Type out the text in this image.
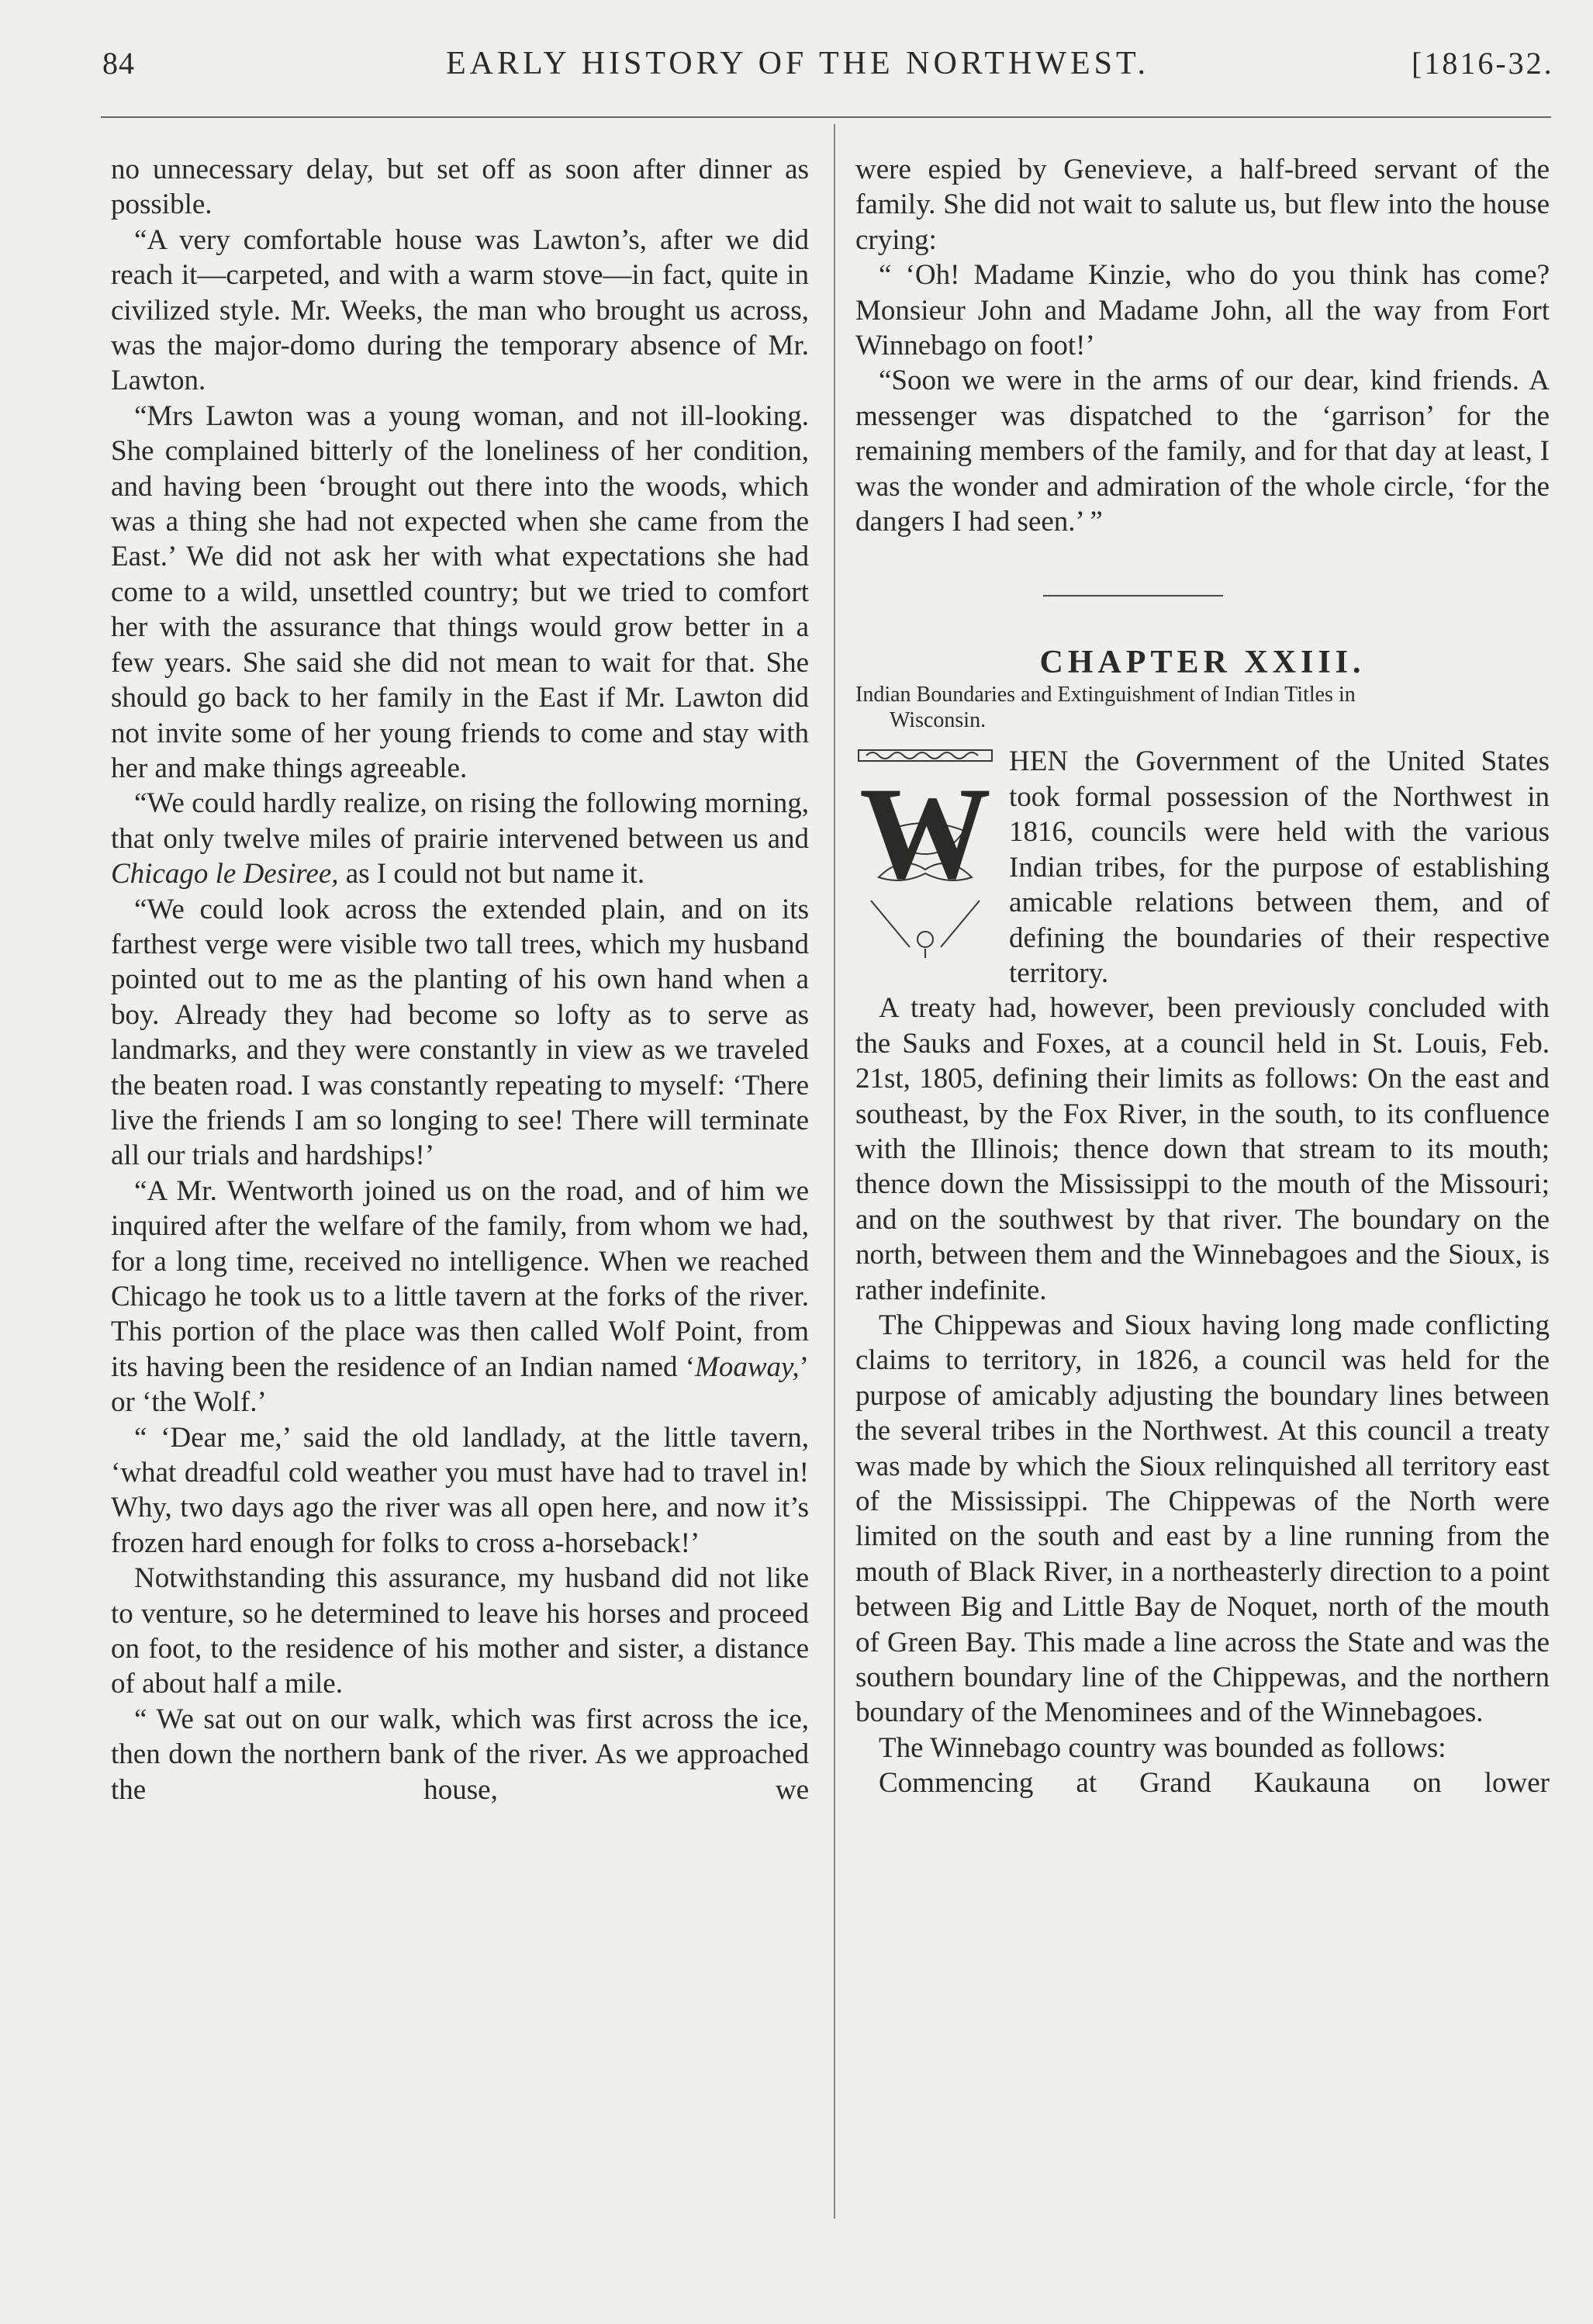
84	EARLY HISTORY OF THE NORTHWEST.	[1816-32.

no unnecessary delay, but set off as soon after dinner as possible.

“A very comfortable house was Lawton’s, after we did reach it—carpeted, and with a warm stove—in fact, quite in civilized style. Mr. Weeks, the man who brought us across, was the major-domo during the temporary absence of Mr. Lawton.

“Mrs Lawton was a young woman, and not ill-looking. She complained bitterly of the loneliness of her condition, and having been ‘brought out there into the woods, which was a thing she had not expected when she came from the East.’ We did not ask her with what expectations she had come to a wild, unsettled country; but we tried to comfort her with the assurance that things would grow better in a few years. She said she did not mean to wait for that. She should go back to her family in the East if Mr. Lawton did not invite some of her young friends to come and stay with her and make things agreeable.

“We could hardly realize, on rising the following morning, that only twelve miles of prairie intervened between us and Chicago le Desiree, as I could not but name it.

“We could look across the extended plain, and on its farthest verge were visible two tall trees, which my husband pointed out to me as the planting of his own hand when a boy. Already they had become so lofty as to serve as landmarks, and they were constantly in view as we traveled the beaten road. I was constantly repeating to myself: ‘There live the friends I am so longing to see! There will terminate all our trials and hardships!’

“A Mr. Wentworth joined us on the road, and of him we inquired after the welfare of the family, from whom we had, for a long time, received no intelligence. When we reached Chicago he took us to a little tavern at the forks of the river. This portion of the place was then called Wolf Point, from its having been the residence of an Indian named ‘Moaway,’ or ‘the Wolf.’

“ ‘Dear me,’ said the old landlady, at the little tavern, ‘what dreadful cold weather you must have had to travel in! Why, two days ago the river was all open here, and now it’s frozen hard enough for folks to cross a-horseback!’

Notwithstanding this assurance, my husband did not like to venture, so he determined to leave his horses and proceed on foot, to the residence of his mother and sister, a distance of about half a mile.

“ We sat out on our walk, which was first across the ice, then down the northern bank of the river. As we approached the house, we

were espied by Genevieve, a half-breed servant of the family. She did not wait to salute us, but flew into the house crying:

“ ‘Oh! Madame Kinzie, who do you think has come? Monsieur John and Madame John, all the way from Fort Winnebago on foot!’

“Soon we were in the arms of our dear, kind friends. A messenger was dispatched to the ‘garrison’ for the remaining members of the family, and for that day at least, I was the wonder and admiration of the whole circle, ‘for the dangers I had seen.’ ”

CHAPTER XXIII.

Indian Boundaries and Extinguishment of Indian Titles in
Wisconsin.

W HEN the Government of the United States took formal possession of the Northwest in 1816, councils were held with the various Indian tribes, for the purpose of establishing amicable relations between them, and of defining the boundaries of their respective territory.

A treaty had, however, been previously concluded with the Sauks and Foxes, at a council held in St. Louis, Feb. 21st, 1805, defining their limits as follows: On the east and southeast, by the Fox River, in the south, to its confluence with the Illinois; thence down that stream to its mouth; thence down the Mississippi to the mouth of the Missouri; and on the southwest by that river. The boundary on the north, between them and the Winnebagoes and the Sioux, is rather indefinite.

The Chippewas and Sioux having long made conflicting claims to territory, in 1826, a council was held for the purpose of amicably adjusting the boundary lines between the several tribes in the Northwest. At this council a treaty was made by which the Sioux relinquished all territory east of the Mississippi. The Chippewas of the North were limited on the south and east by a line running from the mouth of Black River, in a northeasterly direction to a point between Big and Little Bay de Noquet, north of the mouth of Green Bay. This made a line across the State and was the southern boundary line of the Chippewas, and the northern boundary of the Menominees and of the Winnebagoes.

The Winnebago country was bounded as follows:

Commencing at Grand Kaukauna on lower
